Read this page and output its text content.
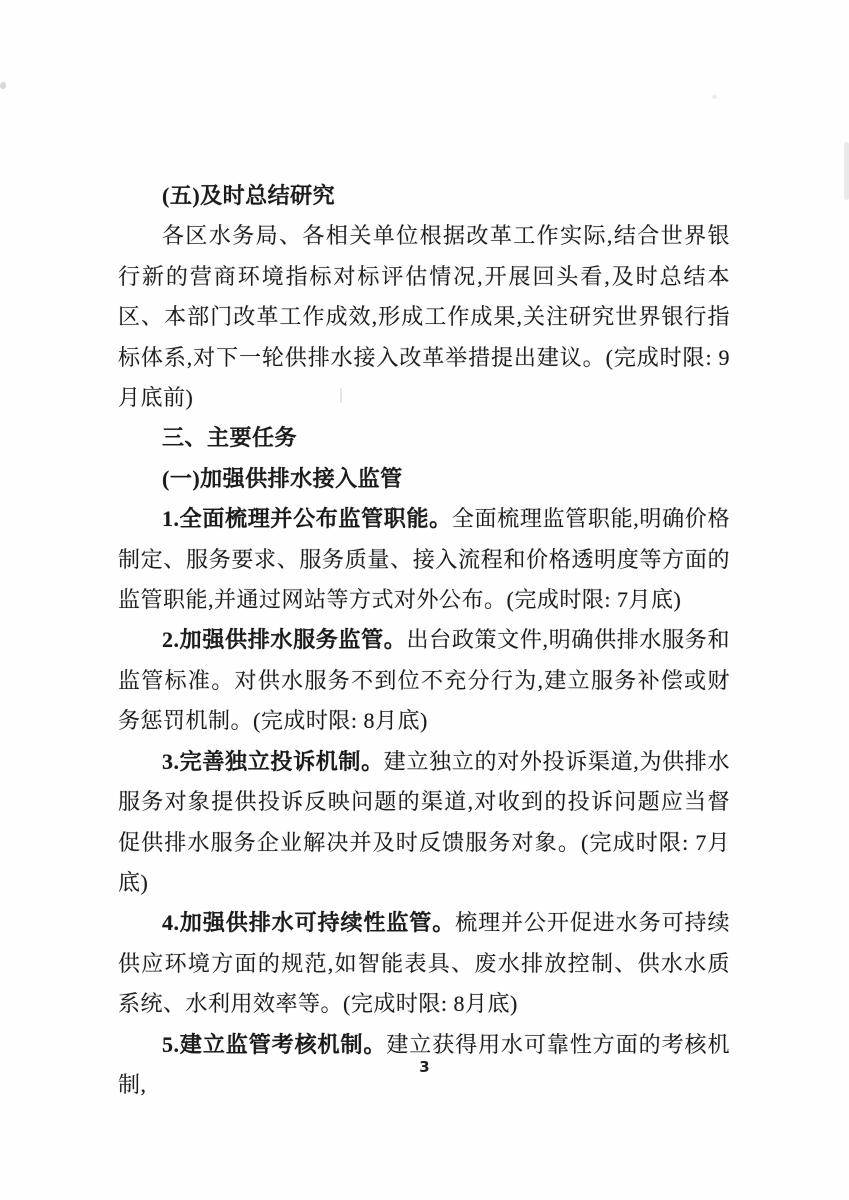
(五)及时总结研究

各区水务局、各相关单位根据改革工作实际,结合世界银行新的营商环境指标对标评估情况,开展回头看,及时总结本区、本部门改革工作成效,形成工作成果,关注研究世界银行指标体系,对下一轮供排水接入改革举措提出建议。(完成时限: 9 月底前)

三、主要任务

(一)加强供排水接入监管

1.全面梳理并公布监管职能。全面梳理监管职能,明确价格制定、服务要求、服务质量、接入流程和价格透明度等方面的监管职能,并通过网站等方式对外公布。(完成时限: 7月底)

2.加强供排水服务监管。出台政策文件,明确供排水服务和监管标准。对供水服务不到位不充分行为,建立服务补偿或财务惩罚机制。(完成时限: 8月底)

3.完善独立投诉机制。建立独立的对外投诉渠道,为供排水服务对象提供投诉反映问题的渠道,对收到的投诉问题应当督促供排水服务企业解决并及时反馈服务对象。(完成时限: 7月底)

4.加强供排水可持续性监管。梳理并公开促进水务可持续供应环境方面的规范,如智能表具、废水排放控制、供水水质系统、水利用效率等。(完成时限: 8月底)

5.建立监管考核机制。建立获得用水可靠性方面的考核机制,

3
